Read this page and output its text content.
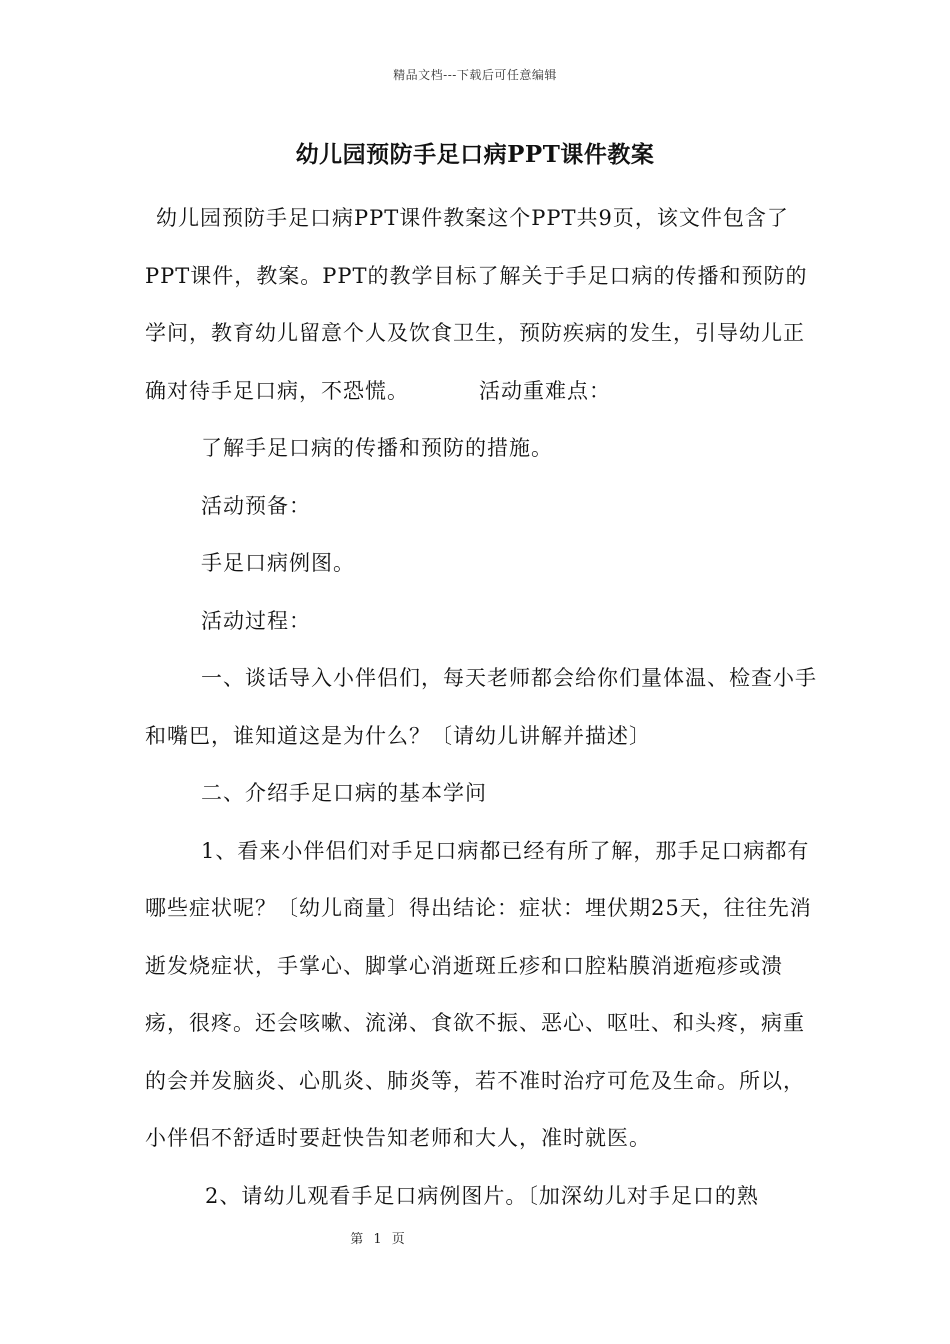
精品文档---下载后可任意编辑
幼儿园预防手足口病PPT课件教案

幼儿园预防手足口病PPT课件教案这个PPT共9页，该文件包含了PPT课件，教案。PPT的教学目标了解关于手足口病的传播和预防的学问，教育幼儿留意个人及饮食卫生，预防疾病的发生，引导幼儿正确对待手足口病，不恐慌。	活动重难点：

了解手足口病的传播和预防的措施。

活动预备：

手足口病例图。

活动过程：

一、谈话导入小伴侣们，每天老师都会给你们量体温、检查小手和嘴巴，谁知道这是为什么？〔请幼儿讲解并描述〕

二、介绍手足口病的基本学问

1、看来小伴侣们对手足口病都已经有所了解，那手足口病都有哪些症状呢？〔幼儿商量〕得出结论：症状：埋伏期25天，往往先消逝发烧症状，手掌心、脚掌心消逝斑丘疹和口腔粘膜消逝疱疹或溃疡，很疼。还会咳嗽、流涕、食欲不振、恶心、呕吐、和头疼，病重的会并发脑炎、心肌炎、肺炎等，若不准时治疗可危及生命。所以，小伴侣不舒适时要赶快告知老师和大人，准时就医。

2、请幼儿观看手足口病例图片。〔加深幼儿对手足口的熟

第 1 页
